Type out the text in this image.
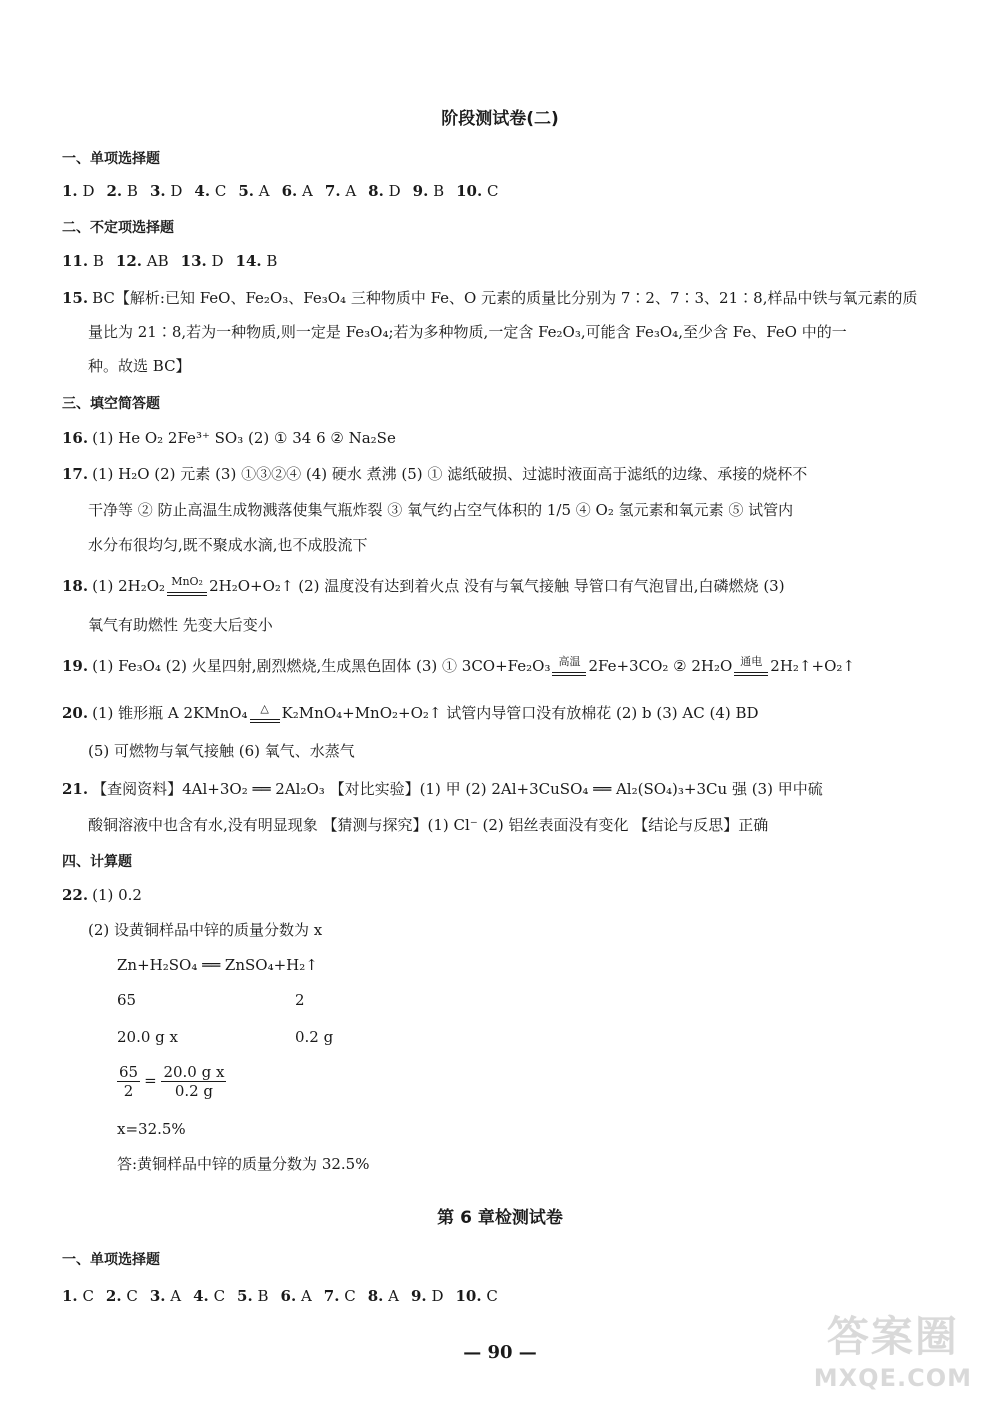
阶段测试卷(二)
一、单项选择题
1. D 2. B 3. D 4. C 5. A 6. A 7. A 8. D 9. B 10. C
二、不定项选择题
11. B 12. AB 13. D 14. B
15. BC【解析:已知 FeO、Fe₂O₃、Fe₃O₄ 三种物质中 Fe、O 元素的质量比分别为 7∶2、7∶3、21∶8,样品中铁与氧元素的质
量比为 21∶8,若为一种物质,则一定是 Fe₃O₄;若为多种物质,一定含 Fe₂O₃,可能含 Fe₃O₄,至少含 Fe、FeO 中的一
种。故选 BC】
三、填空简答题
16. (1) He O₂ 2Fe³⁺ SO₃ (2) ① 34 6 ② Na₂Se
17. (1) H₂O (2) 元素 (3) ①③②④ (4) 硬水 煮沸 (5) ① 滤纸破损、过滤时液面高于滤纸的边缘、承接的烧杯不
干净等 ② 防止高温生成物溅落使集气瓶炸裂 ③ 氧气约占空气体积的 1/5 ④ O₂ 氢元素和氧元素 ⑤ 试管内
水分布很均匀,既不聚成水滴,也不成股流下
18. (1) 2H₂O₂ MnO₂ 2H₂O+O₂↑ (2) 温度没有达到着火点 没有与氧气接触 导管口有气泡冒出,白磷燃烧 (3)
氧气有助燃性 先变大后变小
19. (1) Fe₃O₄ (2) 火星四射,剧烈燃烧,生成黑色固体 (3) ① 3CO+Fe₂O₃ 高温 2Fe+3CO₂ ② 2H₂O 通电 2H₂↑+O₂↑
20. (1) 锥形瓶 A 2KMnO₄	△ K₂MnO₄+MnO₂+O₂↑ 试管内导管口没有放棉花 (2) b (3) AC (4) BD
(5) 可燃物与氧气接触 (6) 氧气、水蒸气
21. 【查阅资料】4Al+3O₂ ══ 2Al₂O₃ 【对比实验】(1) 甲 (2) 2Al+3CuSO₄ ══ Al₂(SO₄)₃+3Cu 强 (3) 甲中硫
酸铜溶液中也含有水,没有明显现象 【猜测与探究】(1) Cl⁻ (2) 铝丝表面没有变化 【结论与反思】正确
四、计算题
22. (1) 0.2
(2) 设黄铜样品中锌的质量分数为 x
Zn+H₂SO₄ ══ ZnSO₄+H₂↑
65	2
20.0 g x	0.2 g
$\frac{65}{2} = \frac{\text{20.0 g x}}{0.2 g}$
x=32.5%
答:黄铜样品中锌的质量分数为 32.5%
第 6 章检测试卷
一、单项选择题
1. C 2. C 3. A 4. C 5. B 6. A 7. C 8. A 9. D 10. C
— 90 —	答案圈
MXQE.COM
